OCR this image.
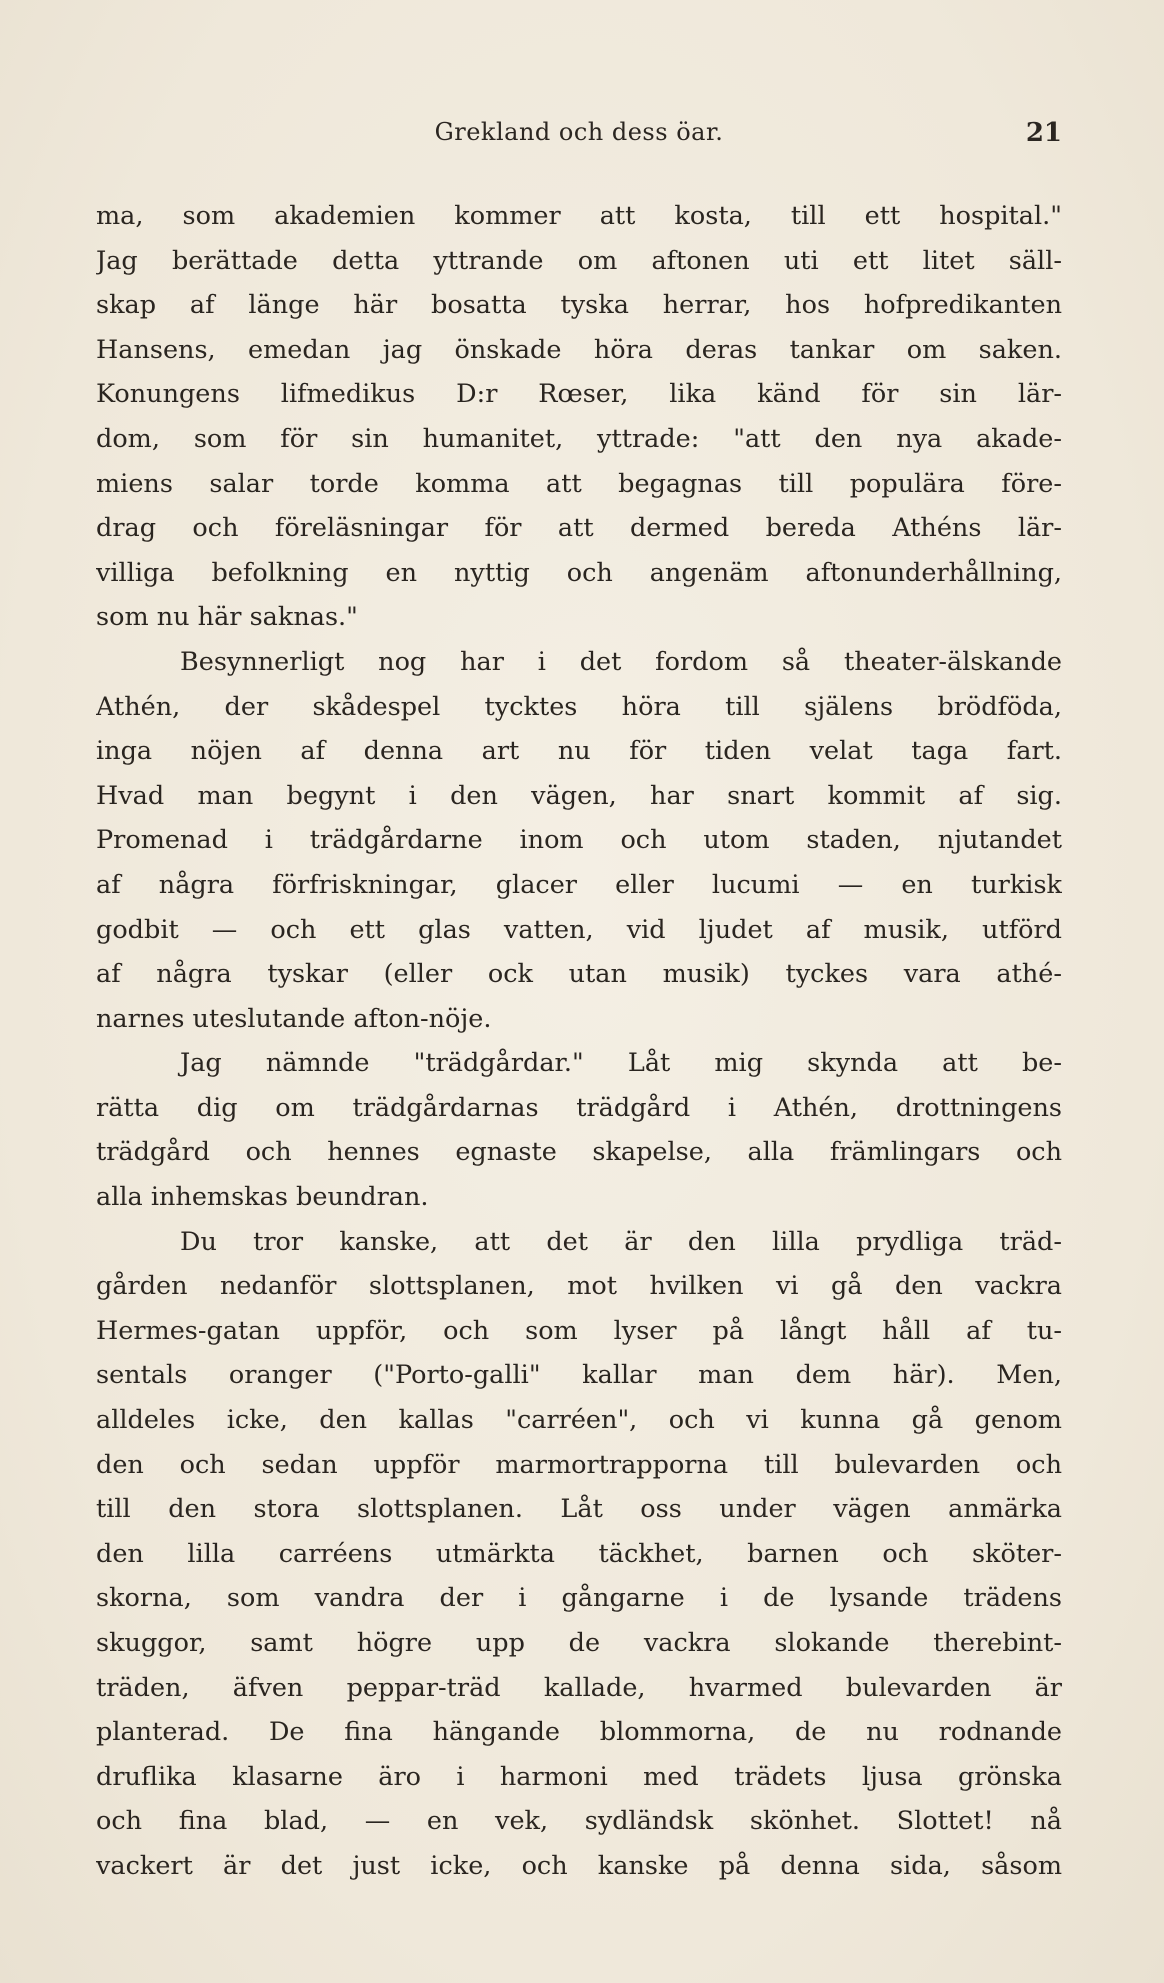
Grekland och dess öar.	21
ma, som akademien kommer att kosta, till ett hospital."
Jag berättade detta yttrande om aftonen uti ett litet säll-
skap af länge här bosatta tyska herrar, hos hofpredikanten
Hansens, emedan jag önskade höra deras tankar om saken.
Konungens lifmedikus D:r Rœser, lika känd för sin lär-
dom, som för sin humanitet, yttrade: "att den nya akade-
miens salar torde komma att begagnas till populära före-
drag och föreläsningar för att dermed bereda Athéns lär-
villiga befolkning en nyttig och angenäm aftonunderhållning,
som nu här saknas."
Besynnerligt nog har i det fordom så theater-älskande
Athén, der skådespel tycktes höra till själens brödföda,
inga nöjen af denna art nu för tiden velat taga fart.
Hvad man begynt i den vägen, har snart kommit af sig.
Promenad i trädgårdarne inom och utom staden, njutandet
af några förfriskningar, glacer eller lucumi — en turkisk
godbit — och ett glas vatten, vid ljudet af musik, utförd
af några tyskar (eller ock utan musik) tyckes vara athé-
narnes uteslutande afton-nöje.
Jag nämnde "trädgårdar." Låt mig skynda att be-
rätta dig om trädgårdarnas trädgård i Athén, drottningens
trädgård och hennes egnaste skapelse, alla främlingars och
alla inhemskas beundran.
Du tror kanske, att det är den lilla prydliga träd-
gården nedanför slottsplanen, mot hvilken vi gå den vackra
Hermes-gatan uppför, och som lyser på långt håll af tu-
sentals oranger ("Porto-galli" kallar man dem här). Men,
alldeles icke, den kallas "carréen", och vi kunna gå genom
den och sedan uppför marmortrapporna till bulevarden och
till den stora slottsplanen. Låt oss under vägen anmärka
den lilla carréens utmärkta täckhet, barnen och sköter-
skorna, som vandra der i gångarne i de lysande trädens
skuggor, samt högre upp de vackra slokande therebint-
träden, äfven peppar-träd kallade, hvarmed bulevarden är
planterad. De fina hängande blommorna, de nu rodnande
druflika klasarne äro i harmoni med trädets ljusa grönska
och fina blad, — en vek, sydländsk skönhet. Slottet! nå
vackert är det just icke, och kanske på denna sida, såsom
